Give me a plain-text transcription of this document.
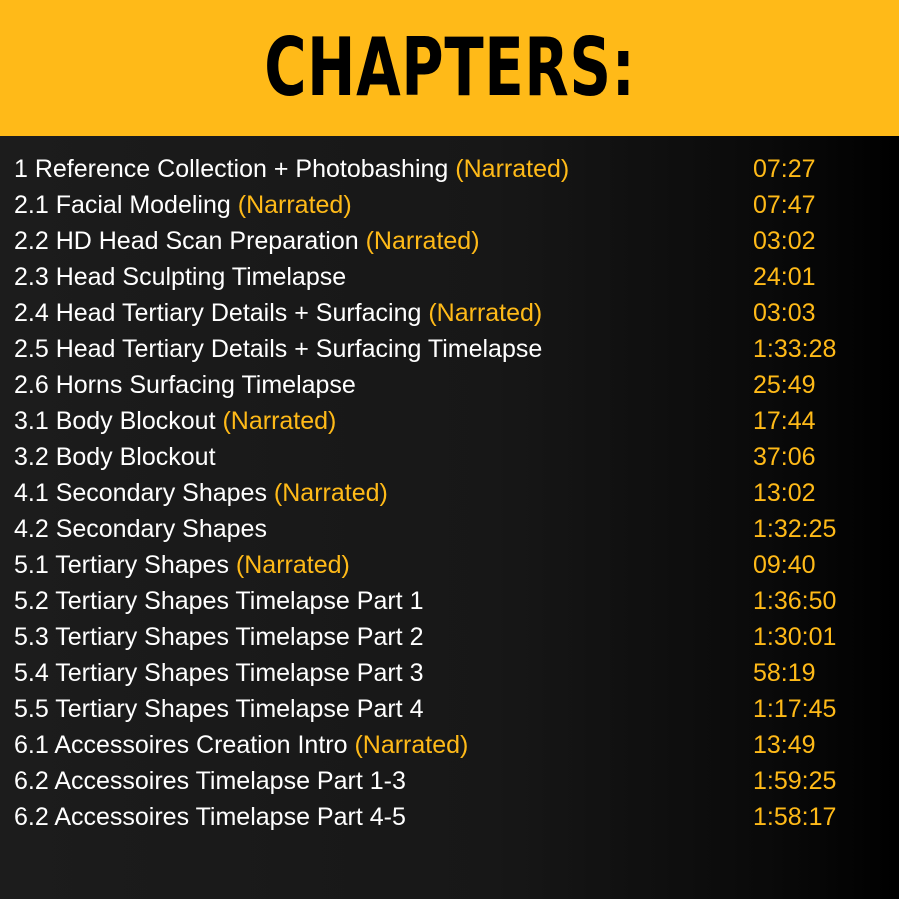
CHAPTERS:
1 Reference Collection + Photobashing (Narrated)	07:27
2.1 Facial Modeling (Narrated)	07:47
2.2 HD Head Scan Preparation (Narrated)	03:02
2.3 Head Sculpting Timelapse	24:01
2.4 Head Tertiary Details + Surfacing (Narrated)	03:03
2.5 Head Tertiary Details + Surfacing Timelapse	1:33:28
2.6 Horns Surfacing Timelapse	25:49
3.1 Body Blockout (Narrated)	17:44
3.2 Body Blockout	37:06
4.1 Secondary Shapes (Narrated)	13:02
4.2 Secondary Shapes	1:32:25
5.1 Tertiary Shapes (Narrated)	09:40
5.2 Tertiary Shapes Timelapse Part 1	1:36:50
5.3 Tertiary Shapes Timelapse Part 2	1:30:01
5.4 Tertiary Shapes Timelapse Part 3	58:19
5.5 Tertiary Shapes Timelapse Part 4	1:17:45
6.1 Accessoires Creation Intro (Narrated)	13:49
6.2 Accessoires Timelapse Part 1-3	1:59:25
6.2 Accessoires Timelapse Part 4-5	1:58:17
